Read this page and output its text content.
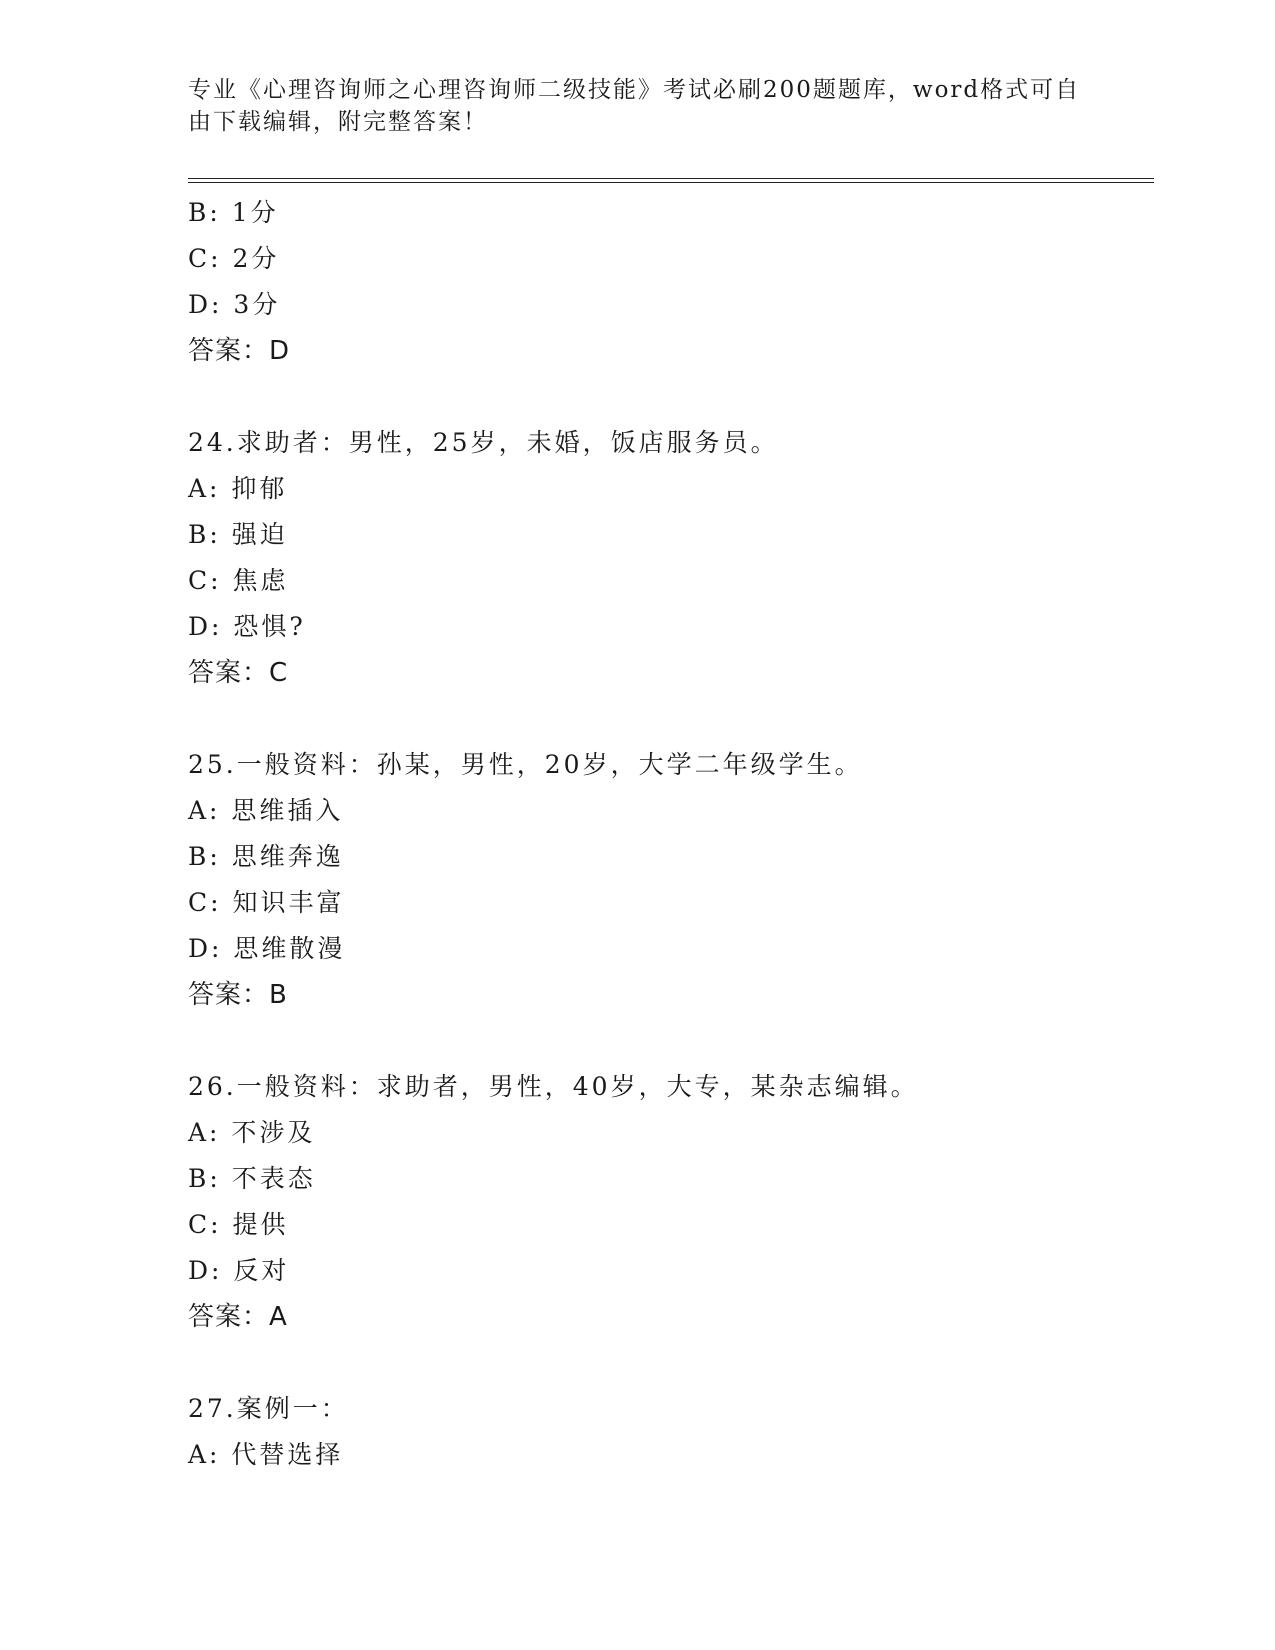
专业《心理咨询师之心理咨询师二级技能》考试必刷200题题库，word格式可自
由下载编辑，附完整答案！
B: 1分
C: 2分
D: 3分
答案：D
24.求助者：男性，25岁，未婚，饭店服务员。
A: 抑郁
B: 强迫
C: 焦虑
D: 恐惧?
答案：C
25.一般资料：孙某，男性，20岁，大学二年级学生。
A: 思维插入
B: 思维奔逸
C: 知识丰富
D: 思维散漫
答案：B
26.一般资料：求助者，男性，40岁，大专，某杂志编辑。
A: 不涉及
B: 不表态
C: 提供
D: 反对
答案：A
27.案例一：
A: 代替选择
